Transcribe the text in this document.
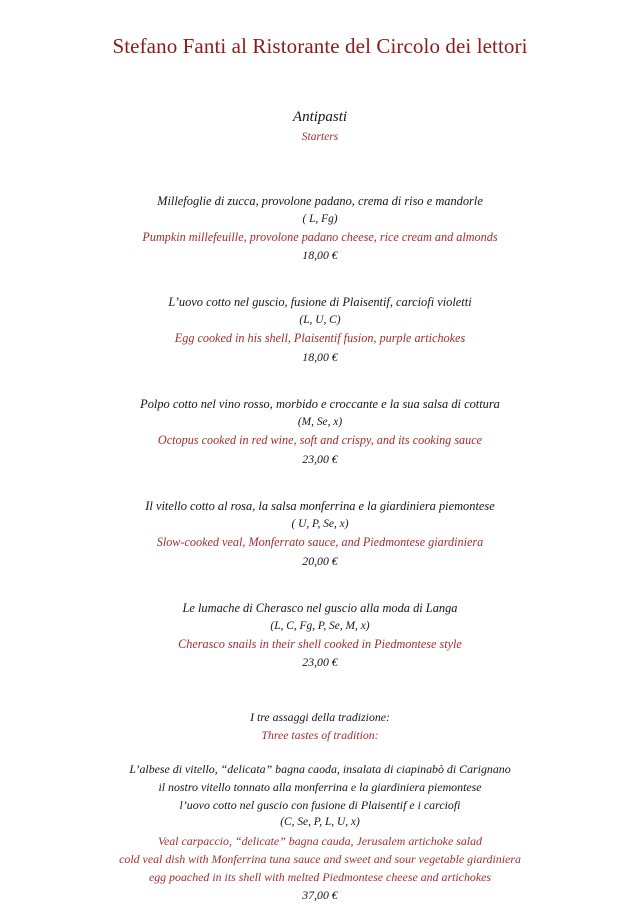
Stefano Fanti al Ristorante del Circolo dei lettori
Antipasti
Starters
Millefoglie di zucca, provolone padano, crema di riso e mandorle
( L, Fg)
Pumpkin millefeuille, provolone padano cheese, rice cream and almonds
18,00 €
L’uovo cotto nel guscio, fusione di Plaisentif, carciofi violetti
(L, U, C)
Egg cooked in his shell, Plaisentif fusion, purple artichokes
18,00 €
Polpo cotto nel vino rosso, morbido e croccante e la sua salsa di cottura
(M, Se, x)
Octopus cooked in red wine, soft and crispy, and its cooking sauce
23,00 €
Il vitello cotto al rosa, la salsa monferrina e la giardiniera piemontese
( U, P, Se, x)
Slow-cooked veal, Monferrato sauce, and Piedmontese giardiniera
20,00 €
Le lumache di Cherasco nel guscio alla moda di Langa
(L, C, Fg, P, Se, M, x)
Cherasco snails in their shell cooked in Piedmontese style
23,00 €
I tre assaggi della tradizione:
Three tastes of tradition:
L’albese di vitello, “delicata” bagna caoda, insalata di ciapinabò di Carignano
il nostro vitello tonnato alla monferrina e la giardiniera piemontese
l’uovo cotto nel guscio con fusione di Plaisentif e i carciofi
(C, Se, P, L, U, x)
Veal carpaccio, “delicate” bagna cauda, Jerusalem artichoke salad
cold veal dish with Monferrina tuna sauce and sweet and sour vegetable giardiniera
egg poached in its shell with melted Piedmontese cheese and artichokes
37,00 €
